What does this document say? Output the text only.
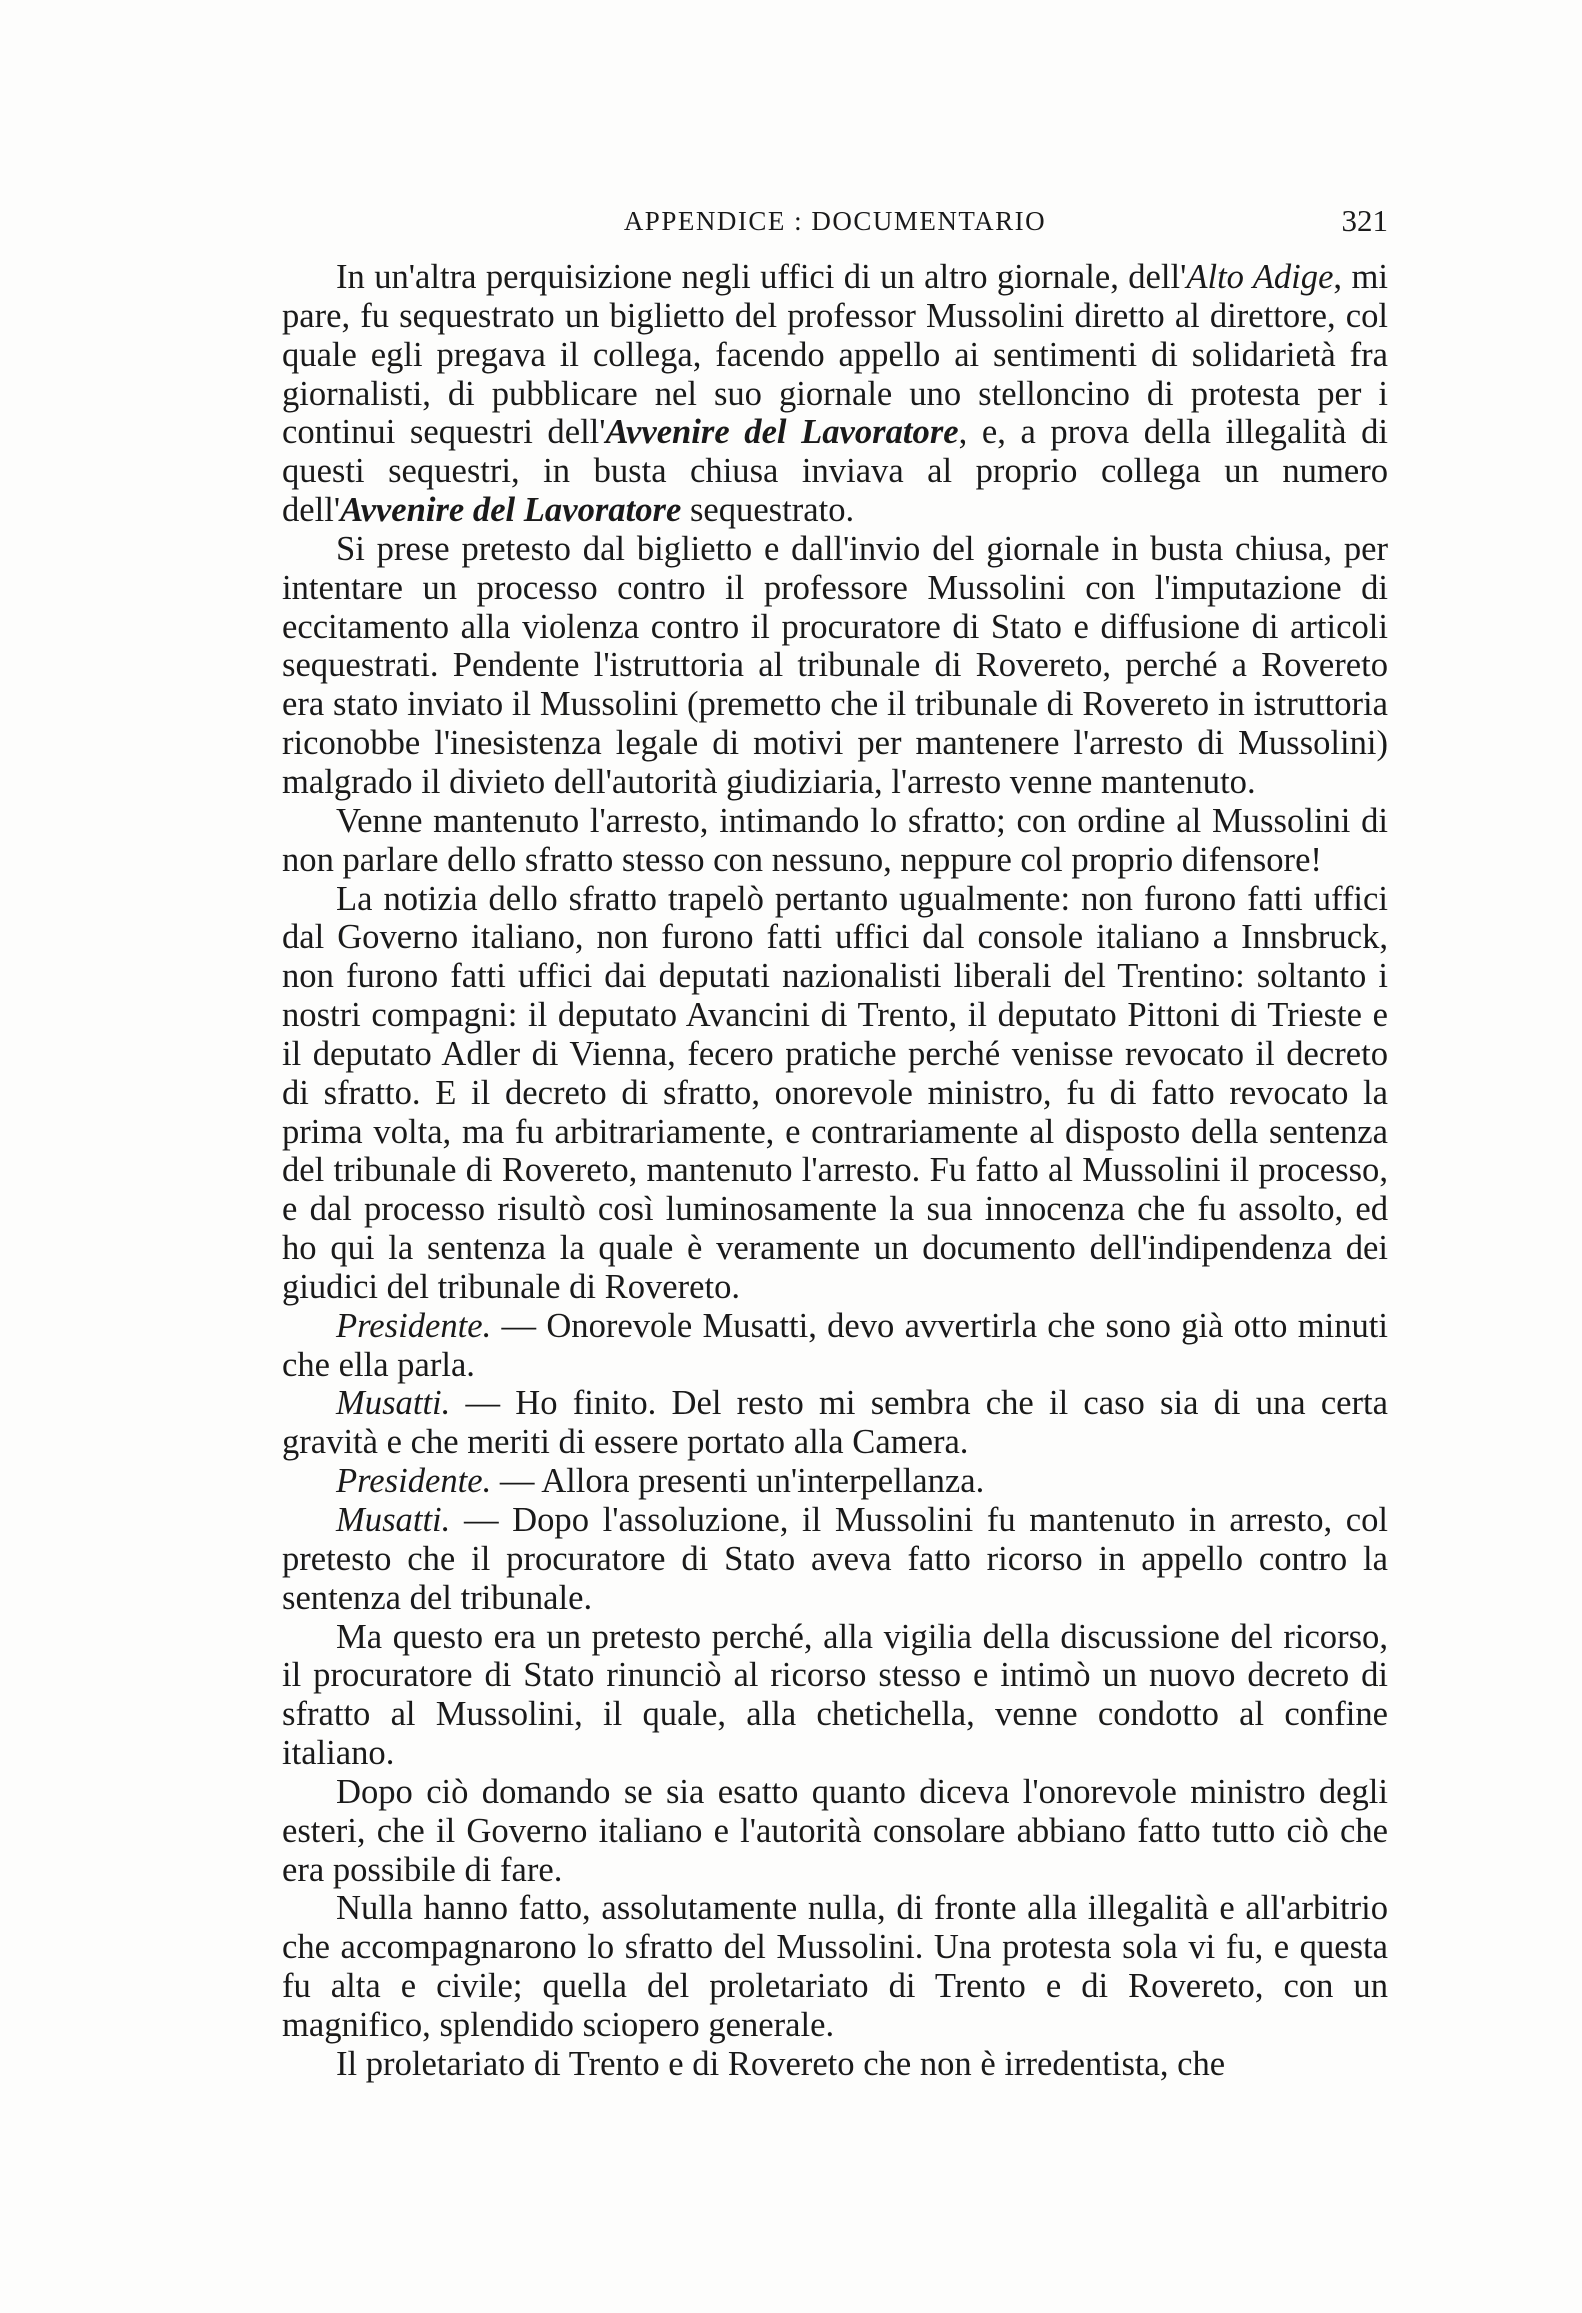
APPENDICE : DOCUMENTARIO	321

In un'altra perquisizione negli uffici di un altro giornale, dell'Alto Adige, mi pare, fu sequestrato un biglietto del professor Mussolini diretto al direttore, col quale egli pregava il collega, facendo appello ai sentimenti di solidarietà fra giornalisti, di pubblicare nel suo giornale uno stelloncino di protesta per i continui sequestri dell'Avvenire del Lavoratore, e, a prova della illegalità di questi sequestri, in busta chiusa inviava al proprio collega un numero dell'Avvenire del Lavoratore sequestrato.

Si prese pretesto dal biglietto e dall'invio del giornale in busta chiusa, per intentare un processo contro il professore Mussolini con l'imputazione di eccitamento alla violenza contro il procuratore di Stato e diffusione di articoli sequestrati. Pendente l'istruttoria al tribunale di Rovereto, perché a Rovereto era stato inviato il Mussolini (premetto che il tribunale di Rovereto in istruttoria riconobbe l'inesistenza legale di motivi per mantenere l'arresto di Mussolini) malgrado il divieto dell'autorità giudiziaria, l'arresto venne mantenuto.

Venne mantenuto l'arresto, intimando lo sfratto; con ordine al Mussolini di non parlare dello sfratto stesso con nessuno, neppure col proprio difensore!

La notizia dello sfratto trapelò pertanto ugualmente: non furono fatti uffici dal Governo italiano, non furono fatti uffici dal console italiano a Innsbruck, non furono fatti uffici dai deputati nazionalisti liberali del Trentino: soltanto i nostri compagni: il deputato Avancini di Trento, il deputato Pittoni di Trieste e il deputato Adler di Vienna, fecero pratiche perché venisse revocato il decreto di sfratto. E il decreto di sfratto, onorevole ministro, fu di fatto revocato la prima volta, ma fu arbitrariamente, e contrariamente al disposto della sentenza del tribunale di Rovereto, mantenuto l'arresto. Fu fatto al Mussolini il processo, e dal processo risultò così luminosamente la sua innocenza che fu assolto, ed ho qui la sentenza la quale è veramente un documento dell'indipendenza dei giudici del tribunale di Rovereto.

Presidente. — Onorevole Musatti, devo avvertirla che sono già otto minuti che ella parla.

Musatti. — Ho finito. Del resto mi sembra che il caso sia di una certa gravità e che meriti di essere portato alla Camera.

Presidente. — Allora presenti un'interpellanza.

Musatti. — Dopo l'assoluzione, il Mussolini fu mantenuto in arresto, col pretesto che il procuratore di Stato aveva fatto ricorso in appello contro la sentenza del tribunale.

Ma questo era un pretesto perché, alla vigilia della discussione del ricorso, il procuratore di Stato rinunciò al ricorso stesso e intimò un nuovo decreto di sfratto al Mussolini, il quale, alla chetichella, venne condotto al confine italiano.

Dopo ciò domando se sia esatto quanto diceva l'onorevole ministro degli esteri, che il Governo italiano e l'autorità consolare abbiano fatto tutto ciò che era possibile di fare.

Nulla hanno fatto, assolutamente nulla, di fronte alla illegalità e all'arbitrio che accompagnarono lo sfratto del Mussolini. Una protesta sola vi fu, e questa fu alta e civile; quella del proletariato di Trento e di Rovereto, con un magnifico, splendido sciopero generale.

Il proletariato di Trento e di Rovereto che non è irredentista, che
